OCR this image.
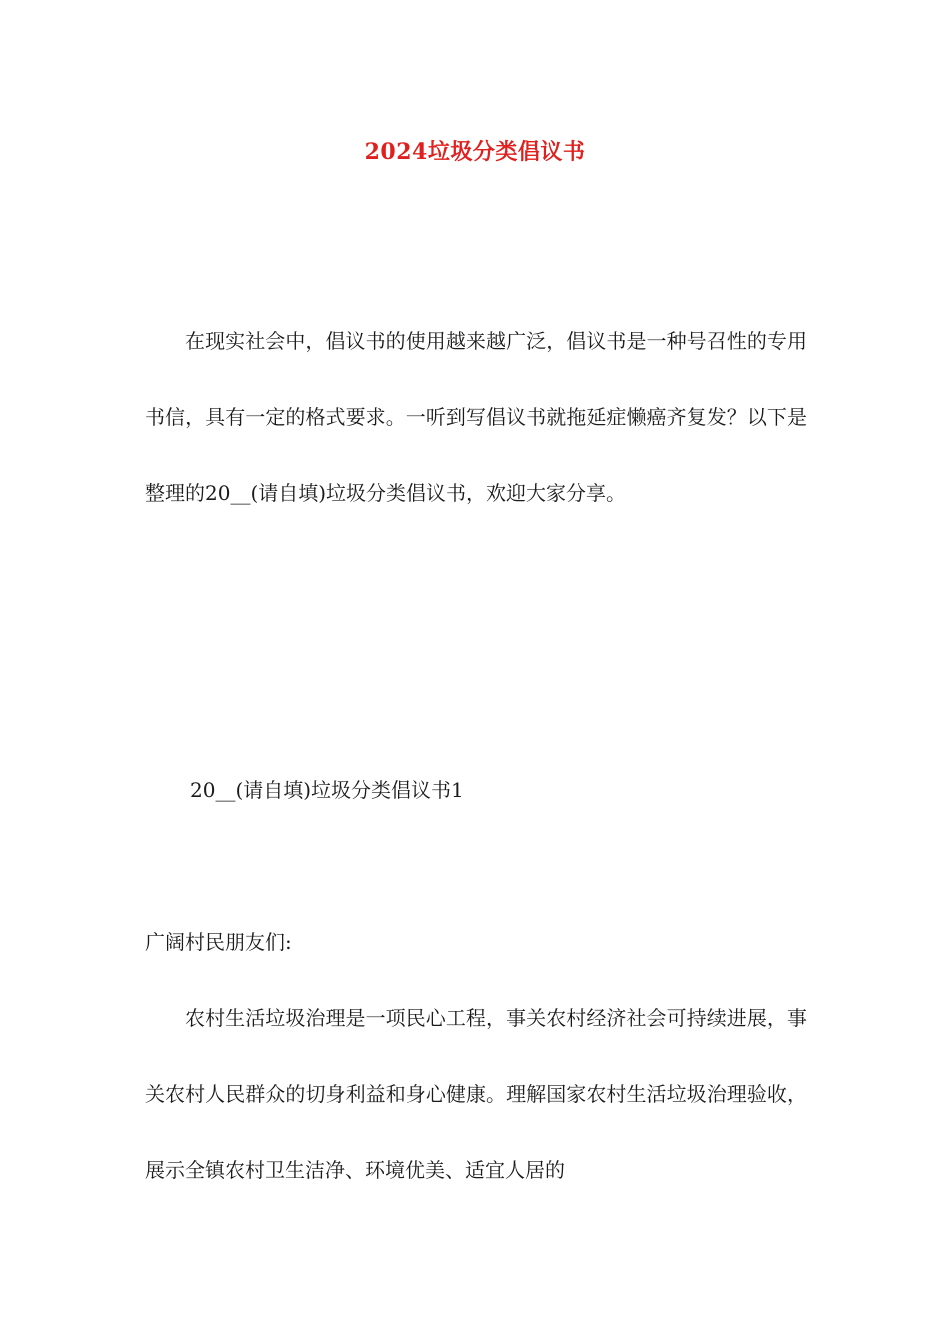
2024垃圾分类倡议书

在现实社会中，倡议书的使用越来越广泛，倡议书是一种号召性的专用书信，具有一定的格式要求。一听到写倡议书就拖延症懒癌齐复发？以下是整理的20__(请自填)垃圾分类倡议书，欢迎大家分享。

20__(请自填)垃圾分类倡议书1
广阔村民朋友们:

农村生活垃圾治理是一项民心工程，事关农村经济社会可持续进展，事关农村人民群众的切身利益和身心健康。理解国家农村生活垃圾治理验收，展示全镇农村卫生洁净、环境优美、适宜人居的
